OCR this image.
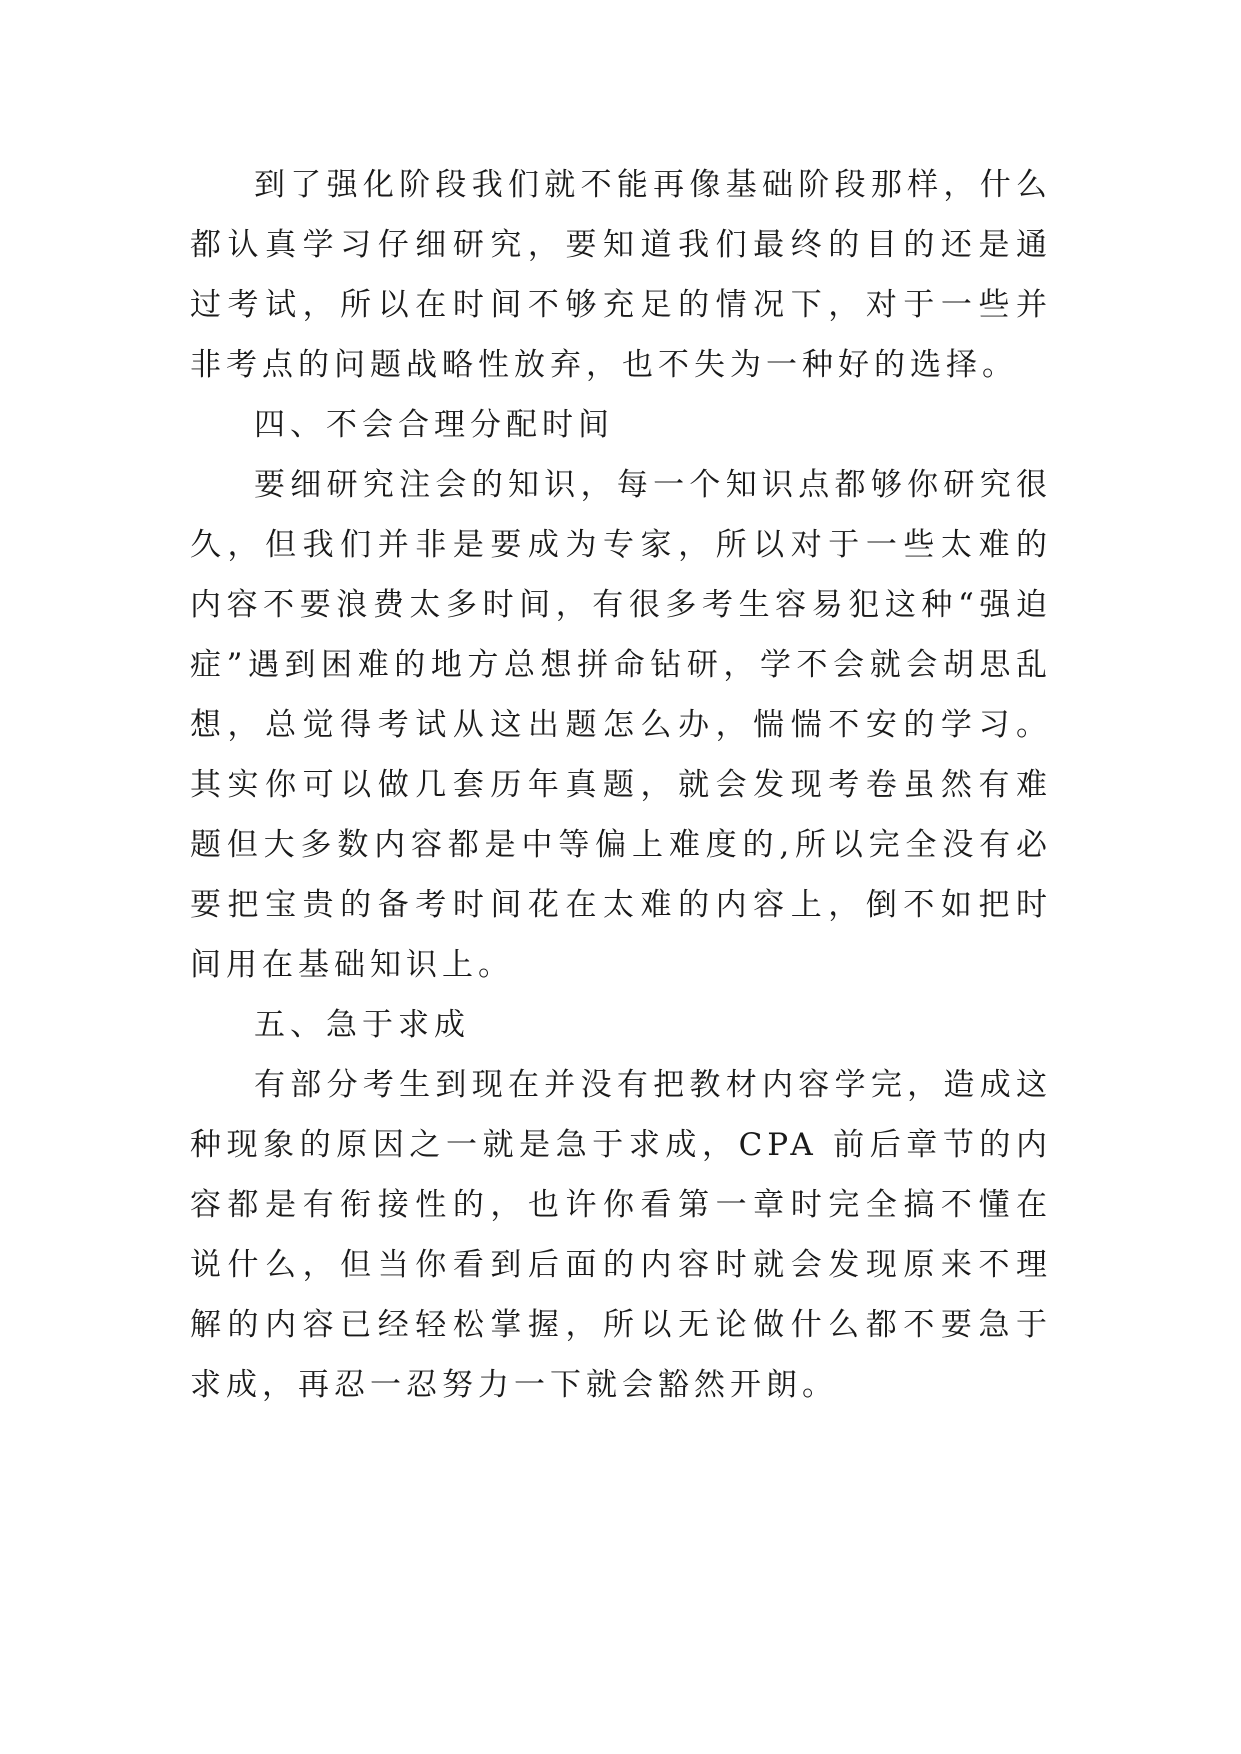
到了强化阶段我们就不能再像基础阶段那样，什么都认真学习仔细研究，要知道我们最终的目的还是通过考试，所以在时间不够充足的情况下，对于一些并非考点的问题战略性放弃，也不失为一种好的选择。

四、不会合理分配时间

要细研究注会的知识，每一个知识点都够你研究很久，但我们并非是要成为专家，所以对于一些太难的内容不要浪费太多时间，有很多考生容易犯这种“强迫症”遇到困难的地方总想拼命钻研，学不会就会胡思乱想，总觉得考试从这出题怎么办，惴惴不安的学习。其实你可以做几套历年真题，就会发现考卷虽然有难题但大多数内容都是中等偏上难度的,所以完全没有必要把宝贵的备考时间花在太难的内容上，倒不如把时间用在基础知识上。

五、急于求成

有部分考生到现在并没有把教材内容学完，造成这种现象的原因之一就是急于求成，CPA 前后章节的内容都是有衔接性的，也许你看第一章时完全搞不懂在说什么，但当你看到后面的内容时就会发现原来不理解的内容已经轻松掌握，所以无论做什么都不要急于求成，再忍一忍努力一下就会豁然开朗。
